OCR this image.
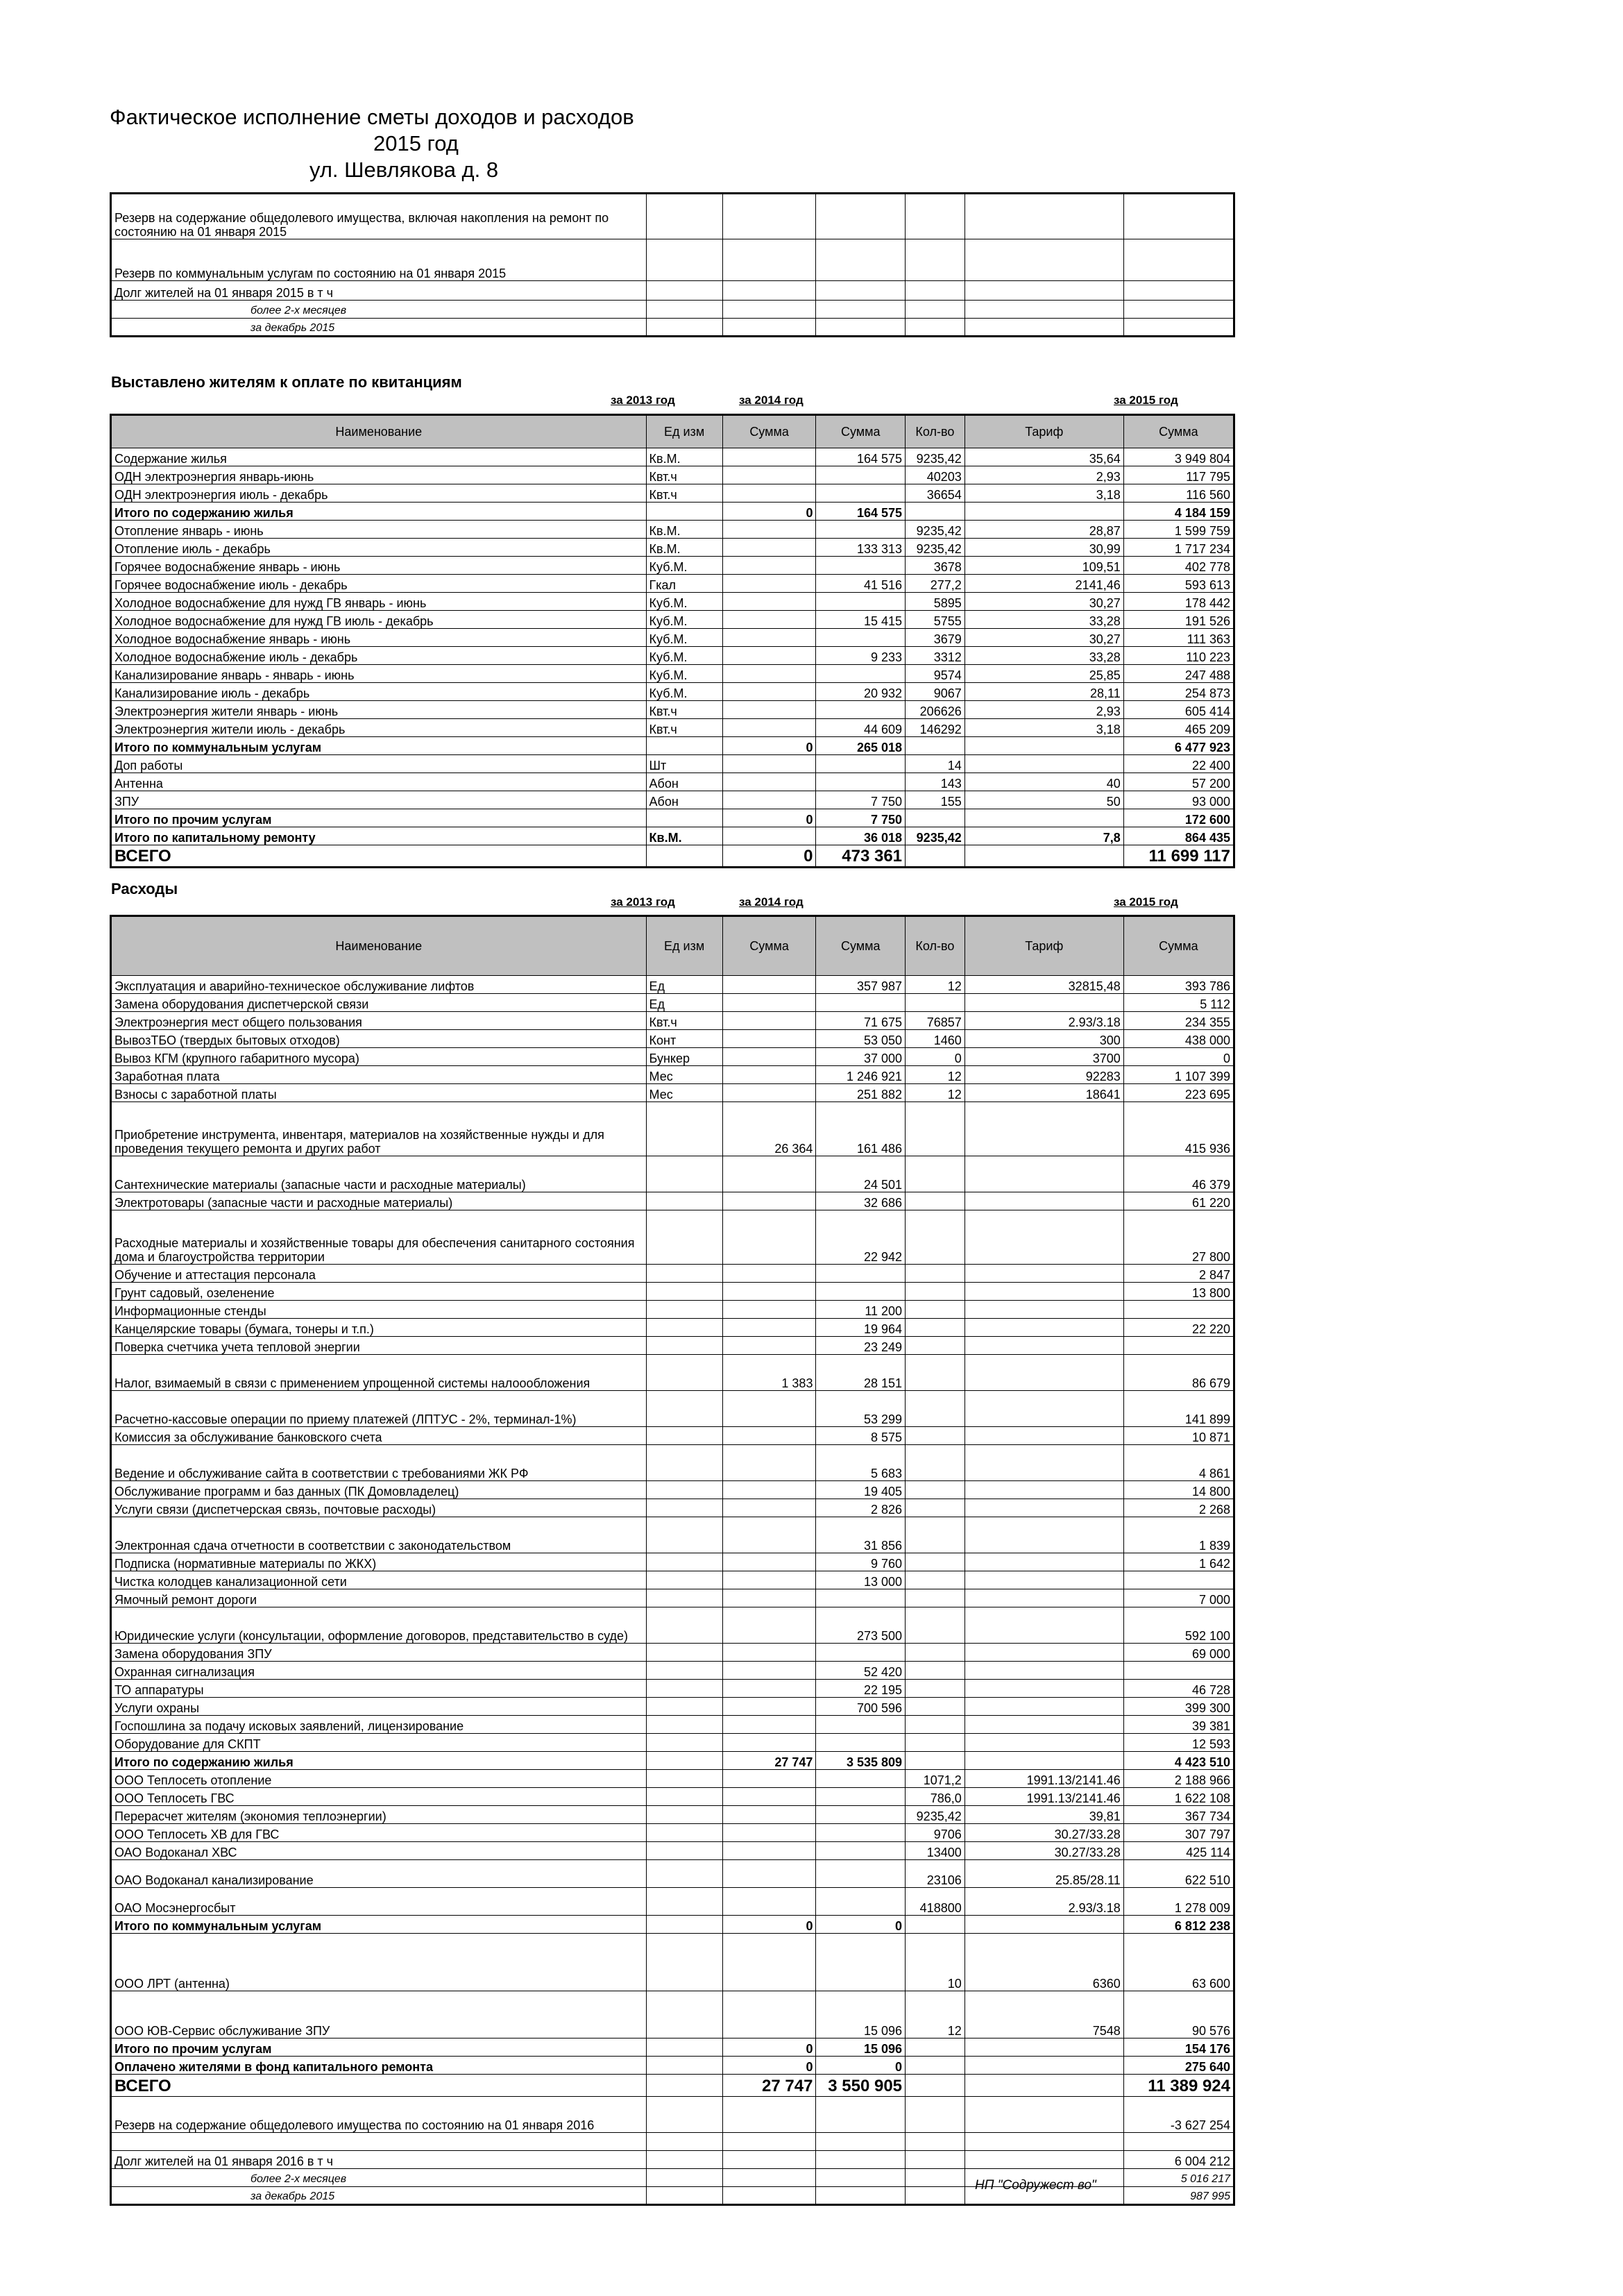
Фактическое исполнение сметы доходов и расходов
2015 год
ул. Шевлякова д. 8
Резерв на содержание общедолевого имущества, включая накопления на ремонт по состоянию на 01 января 2015						
Резерв по коммунальным услугам по состоянию на 01 января 2015						
Долг жителей на 01 января 2015 в т ч						
более 2-х месяцев						
за декабрь 2015						
Выставлено жителям к оплате по квитанциям
за 2013 год	за 2014 год	за 2015 год
Наименование	Ед изм	Сумма	Сумма	Кол-во	Тариф	Сумма
Содержание жилья	Кв.М.		164 575	9235,42	35,64	3 949 804
ОДН электроэнергия январь-июнь	Квт.ч			40203	2,93	117 795
ОДН электроэнергия июль - декабрь	Квт.ч			36654	3,18	116 560
Итого по содержанию жилья		0	164 575			4 184 159
Отопление январь - июнь	Кв.М.			9235,42	28,87	1 599 759
Отопление июль - декабрь	Кв.М.		133 313	9235,42	30,99	1 717 234
Горячее водоснабжение январь - июнь	Куб.М.			3678	109,51	402 778
Горячее водоснабжение июль - декабрь	Гкал		41 516	277,2	2141,46	593 613
Холодное водоснабжение для нужд ГВ январь - июнь	Куб.М.			5895	30,27	178 442
Холодное водоснабжение для нужд ГВ июль - декабрь	Куб.М.		15 415	5755	33,28	191 526
Холодное водоснабжение январь - июнь	Куб.М.			3679	30,27	111 363
Холодное водоснабжение июль - декабрь	Куб.М.		9 233	3312	33,28	110 223
Канализирование январь - январь - июнь	Куб.М.			9574	25,85	247 488
Канализирование июль - декабрь	Куб.М.		20 932	9067	28,11	254 873
Электроэнергия жители январь - июнь	Квт.ч			206626	2,93	605 414
Электроэнергия жители июль - декабрь	Квт.ч		44 609	146292	3,18	465 209
Итого по коммунальным услугам		0	265 018			6 477 923
Доп работы	Шт			14		22 400
Антенна	Абон			143	40	57 200
ЗПУ	Абон		7 750	155	50	93 000
Итого по прочим услугам		0	7 750			172 600
Итого по капитальному ремонту	Кв.М.		36 018	9235,42	7,8	864 435
ВСЕГО		0	473 361			11 699 117
Расходы
за 2013 год	за 2014 год	за 2015 год
Наименование	Ед изм	Сумма	Сумма	Кол-во	Тариф	Сумма
Эксплуатация и аварийно-техническое обслуживание лифтов	Ед		357 987	12	32815,48	393 786
Замена оборудования диспетчерской связи	Ед					5 112
Электроэнергия мест общего пользования	Квт.ч		71 675	76857	2.93/3.18	234 355
ВывозТБО (твердых бытовых отходов)	Конт		53 050	1460	300	438 000
Вывоз КГМ (крупного габаритного мусора)	Бункер		37 000	0	3700	0
Заработная плата	Мес		1 246 921	12	92283	1 107 399
Взносы с заработной платы	Мес		251 882	12	18641	223 695
Приобретение инструмента, инвентаря, материалов на хозяйственные нужды и для проведения текущего ремонта и других работ		26 364	161 486			415 936
Сантехнические материалы (запасные части и расходные материалы)			24 501			46 379
Электротовары (запасные части и расходные материалы)			32 686			61 220
Расходные материалы и хозяйственные товары для обеспечения санитарного состояния дома и благоустройства территории			22 942			27 800
Обучение и аттестация персонала						2 847
Грунт садовый, озеленение						13 800
Информационные стенды			11 200			
Канцелярские товары (бумага, тонеры и т.п.)			19 964			22 220
Поверка счетчика учета тепловой энергии			23 249			
Налог, взимаемый в связи с применением упрощенной системы налоообложения		1 383	28 151			86 679
Расчетно-кассовые операции по приему платежей (ЛПТУС - 2%, терминал-1%)			53 299			141 899
Комиссия за обслуживание банковского счета			8 575			10 871
Ведение и обслуживание сайта в соответствии с требованиями ЖК РФ			5 683			4 861
Обслуживание программ и баз данных (ПК Домовладелец)			19 405			14 800
Услуги связи (диспетчерская связь, почтовые расходы)			2 826			2 268
Электронная сдача отчетности в соответствии с законодательством			31 856			1 839
Подписка (нормативные материалы по ЖКХ)			9 760			1 642
Чистка колодцев канализационной сети			13 000			
Ямочный ремонт дороги						7 000
Юридические услуги (консультации, оформление договоров, представительство в суде)			273 500			592 100
Замена оборудования ЗПУ						69 000
Охранная сигнализация			52 420			
ТО аппаратуры			22 195			46 728
Услуги охраны			700 596			399 300
Госпошлина за подачу исковых заявлений, лицензирование						39 381
Оборудование для СКПТ						12 593
Итого по содержанию жилья		27 747	3 535 809			4 423 510
ООО Теплосеть отопление				1071,2	1991.13/2141.46	2 188 966
ООО Теплосеть ГВС				786,0	1991.13/2141.46	1 622 108
Перерасчет жителям (экономия теплоэнергии)				9235,42	39,81	367 734
ООО Теплосеть ХВ для ГВС				9706	30.27/33.28	307 797
ОАО Водоканал ХВС				13400	30.27/33.28	425 114
ОАО Водоканал канализирование				23106	25.85/28.11	622 510
ОАО Мосэнергосбыт				418800	2.93/3.18	1 278 009
Итого по коммунальным услугам		0	0			6 812 238
ООО ЛРТ (антенна)				10	6360	63 600
ООО ЮВ-Сервис обслуживание ЗПУ			15 096	12	7548	90 576
Итого по прочим услугам		0	15 096			154 176
Оплачено жителями в фонд капитального ремонта		0	0			275 640
ВСЕГО		27 747	3 550 905			11 389 924
Резерв на содержание общедолевого имущества по состоянию на 01 января 2016						-3 627 254

Долг жителей на 01 января 2016 в т ч						6 004 212
более 2-х месяцев						5 016 217
за декабрь 2015						987 995
НП "Содружест во"
